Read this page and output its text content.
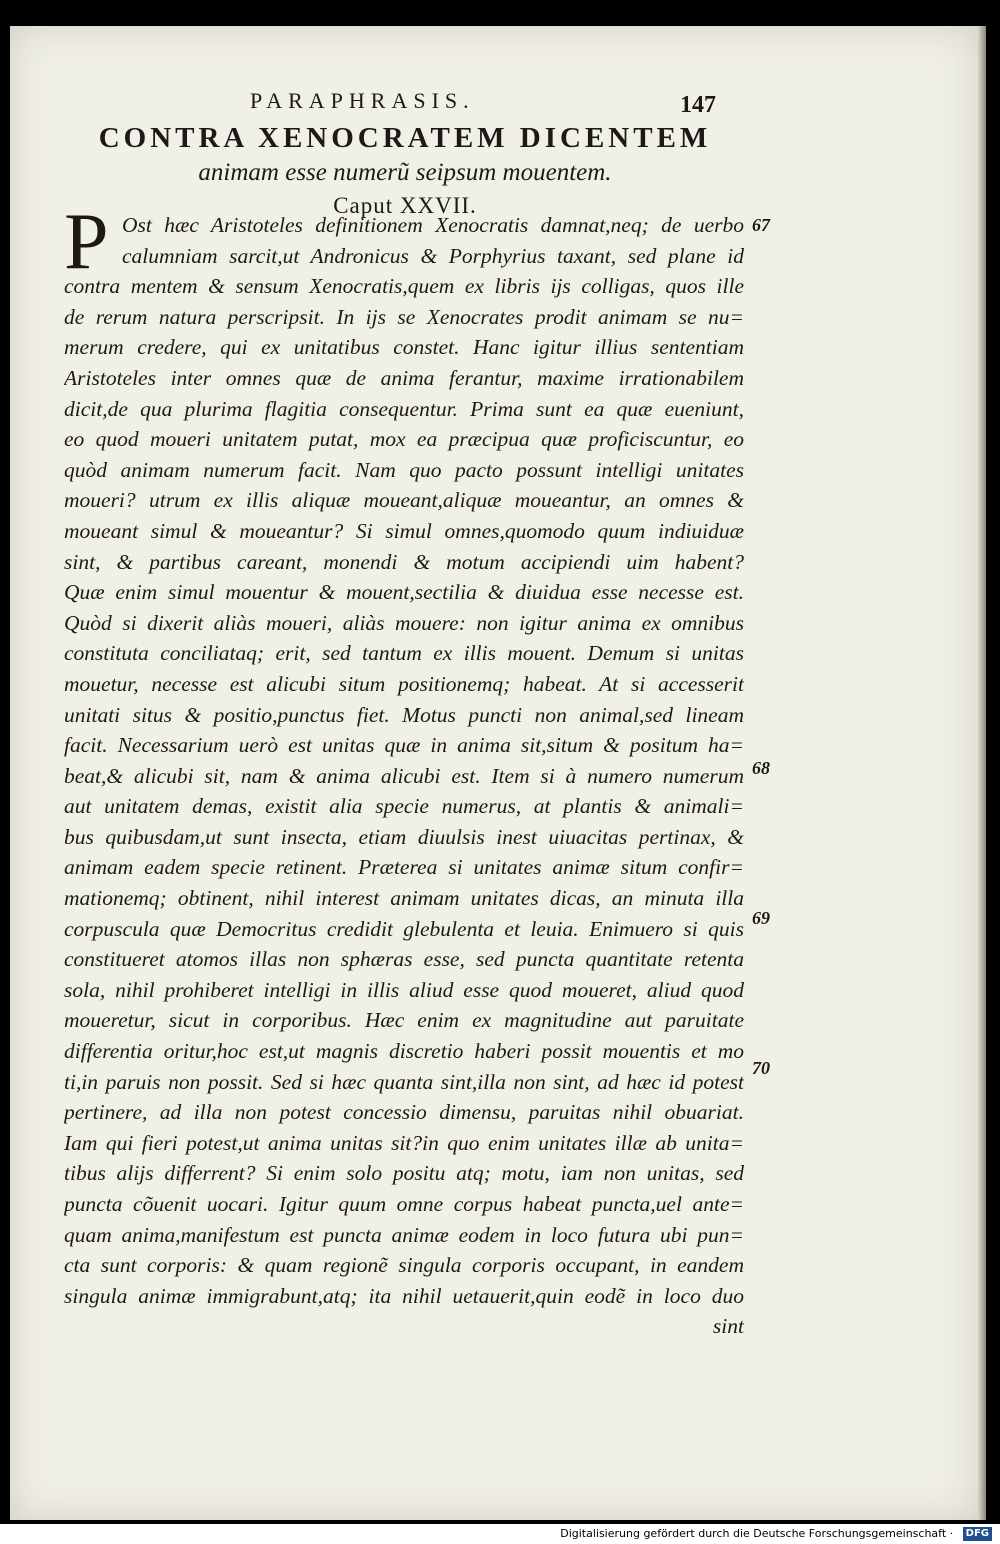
PARAPHRASIS.	147
CONTRA XENOCRATEM DICENTEM
animam esse numerũ seipsum mouentem.
Caput XXVII.
P Ost hæc Aristoteles definitionem Xenocratis damnat,neq; de uerbo
calumniam sarcit,ut Andronicus & Porphyrius taxant, sed plane id
contra mentem & sensum Xenocratis,quem ex libris ijs colligas, quos ille
de rerum natura perscripsit. In ijs se Xenocrates prodit animam se nu=
merum credere, qui ex unitatibus constet. Hanc igitur illius sententiam
Aristoteles inter omnes quæ de anima ferantur, maxime irrationabilem
dicit,de qua plurima flagitia consequentur. Prima sunt ea quæ eueniunt,
eo quod moueri unitatem putat, mox ea præcipua quæ proficiscuntur, eo
quòd animam numerum facit. Nam quo pacto possunt intelligi unitates
moueri? utrum ex illis aliquæ moueant,aliquæ moueantur, an omnes &
moueant simul & moueantur? Si simul omnes,quomodo quum indiuiduæ
sint, & partibus careant, monendi & motum accipiendi uim habent?
Quæ enim simul mouentur & mouent,sectilia & diuidua esse necesse est.
Quòd si dixerit aliàs moueri, aliàs mouere: non igitur anima ex omnibus
constituta conciliataq; erit, sed tantum ex illis mouent. Demum si unitas
mouetur, necesse est alicubi situm positionemq; habeat. At si accesserit
unitati situs & positio,punctus fiet. Motus puncti non animal,sed lineam
facit. Necessarium uerò est unitas quæ in anima sit,situm & positum ha=
beat,& alicubi sit, nam & anima alicubi est. Item si à numero numerum
aut unitatem demas, existit alia specie numerus, at plantis & animali=
bus quibusdam,ut sunt insecta, etiam diuulsis inest uiuacitas pertinax, &
animam eadem specie retinent. Præterea si unitates animæ situm confir=
mationemq; obtinent, nihil interest animam unitates dicas, an minuta illa
corpuscula quæ Democritus credidit glebulenta et leuia. Enimuero si quis
constitueret atomos illas non sphæras esse, sed puncta quantitate retenta
sola, nihil prohiberet intelligi in illis aliud esse quod moueret, aliud quod
moueretur, sicut in corporibus. Hæc enim ex magnitudine aut paruitate
differentia oritur,hoc est,ut magnis discretio haberi possit mouentis et mo
ti,in paruis non possit. Sed si hæc quanta sint,illa non sint, ad hæc id potest
pertinere, ad illa non potest concessio dimensu, paruitas nihil obuariat.
Iam qui fieri potest,ut anima unitas sit?in quo enim unitates illæ ab unita=
tibus alijs differrent? Si enim solo positu atq; motu, iam non unitas, sed
puncta cõuenit uocari. Igitur quum omne corpus habeat puncta,uel ante=
quam anima,manifestum est puncta animæ eodem in loco futura ubi pun=
cta sunt corporis: & quam regionẽ singula corporis occupant, in eandem
singula animæ immigrabunt,atq; ita nihil uetauerit,quin eodẽ in loco duo
sint
67
68
69
70
Digitalisierung gefördert durch die Deutsche Forschungsgemeinschaft · DFG
